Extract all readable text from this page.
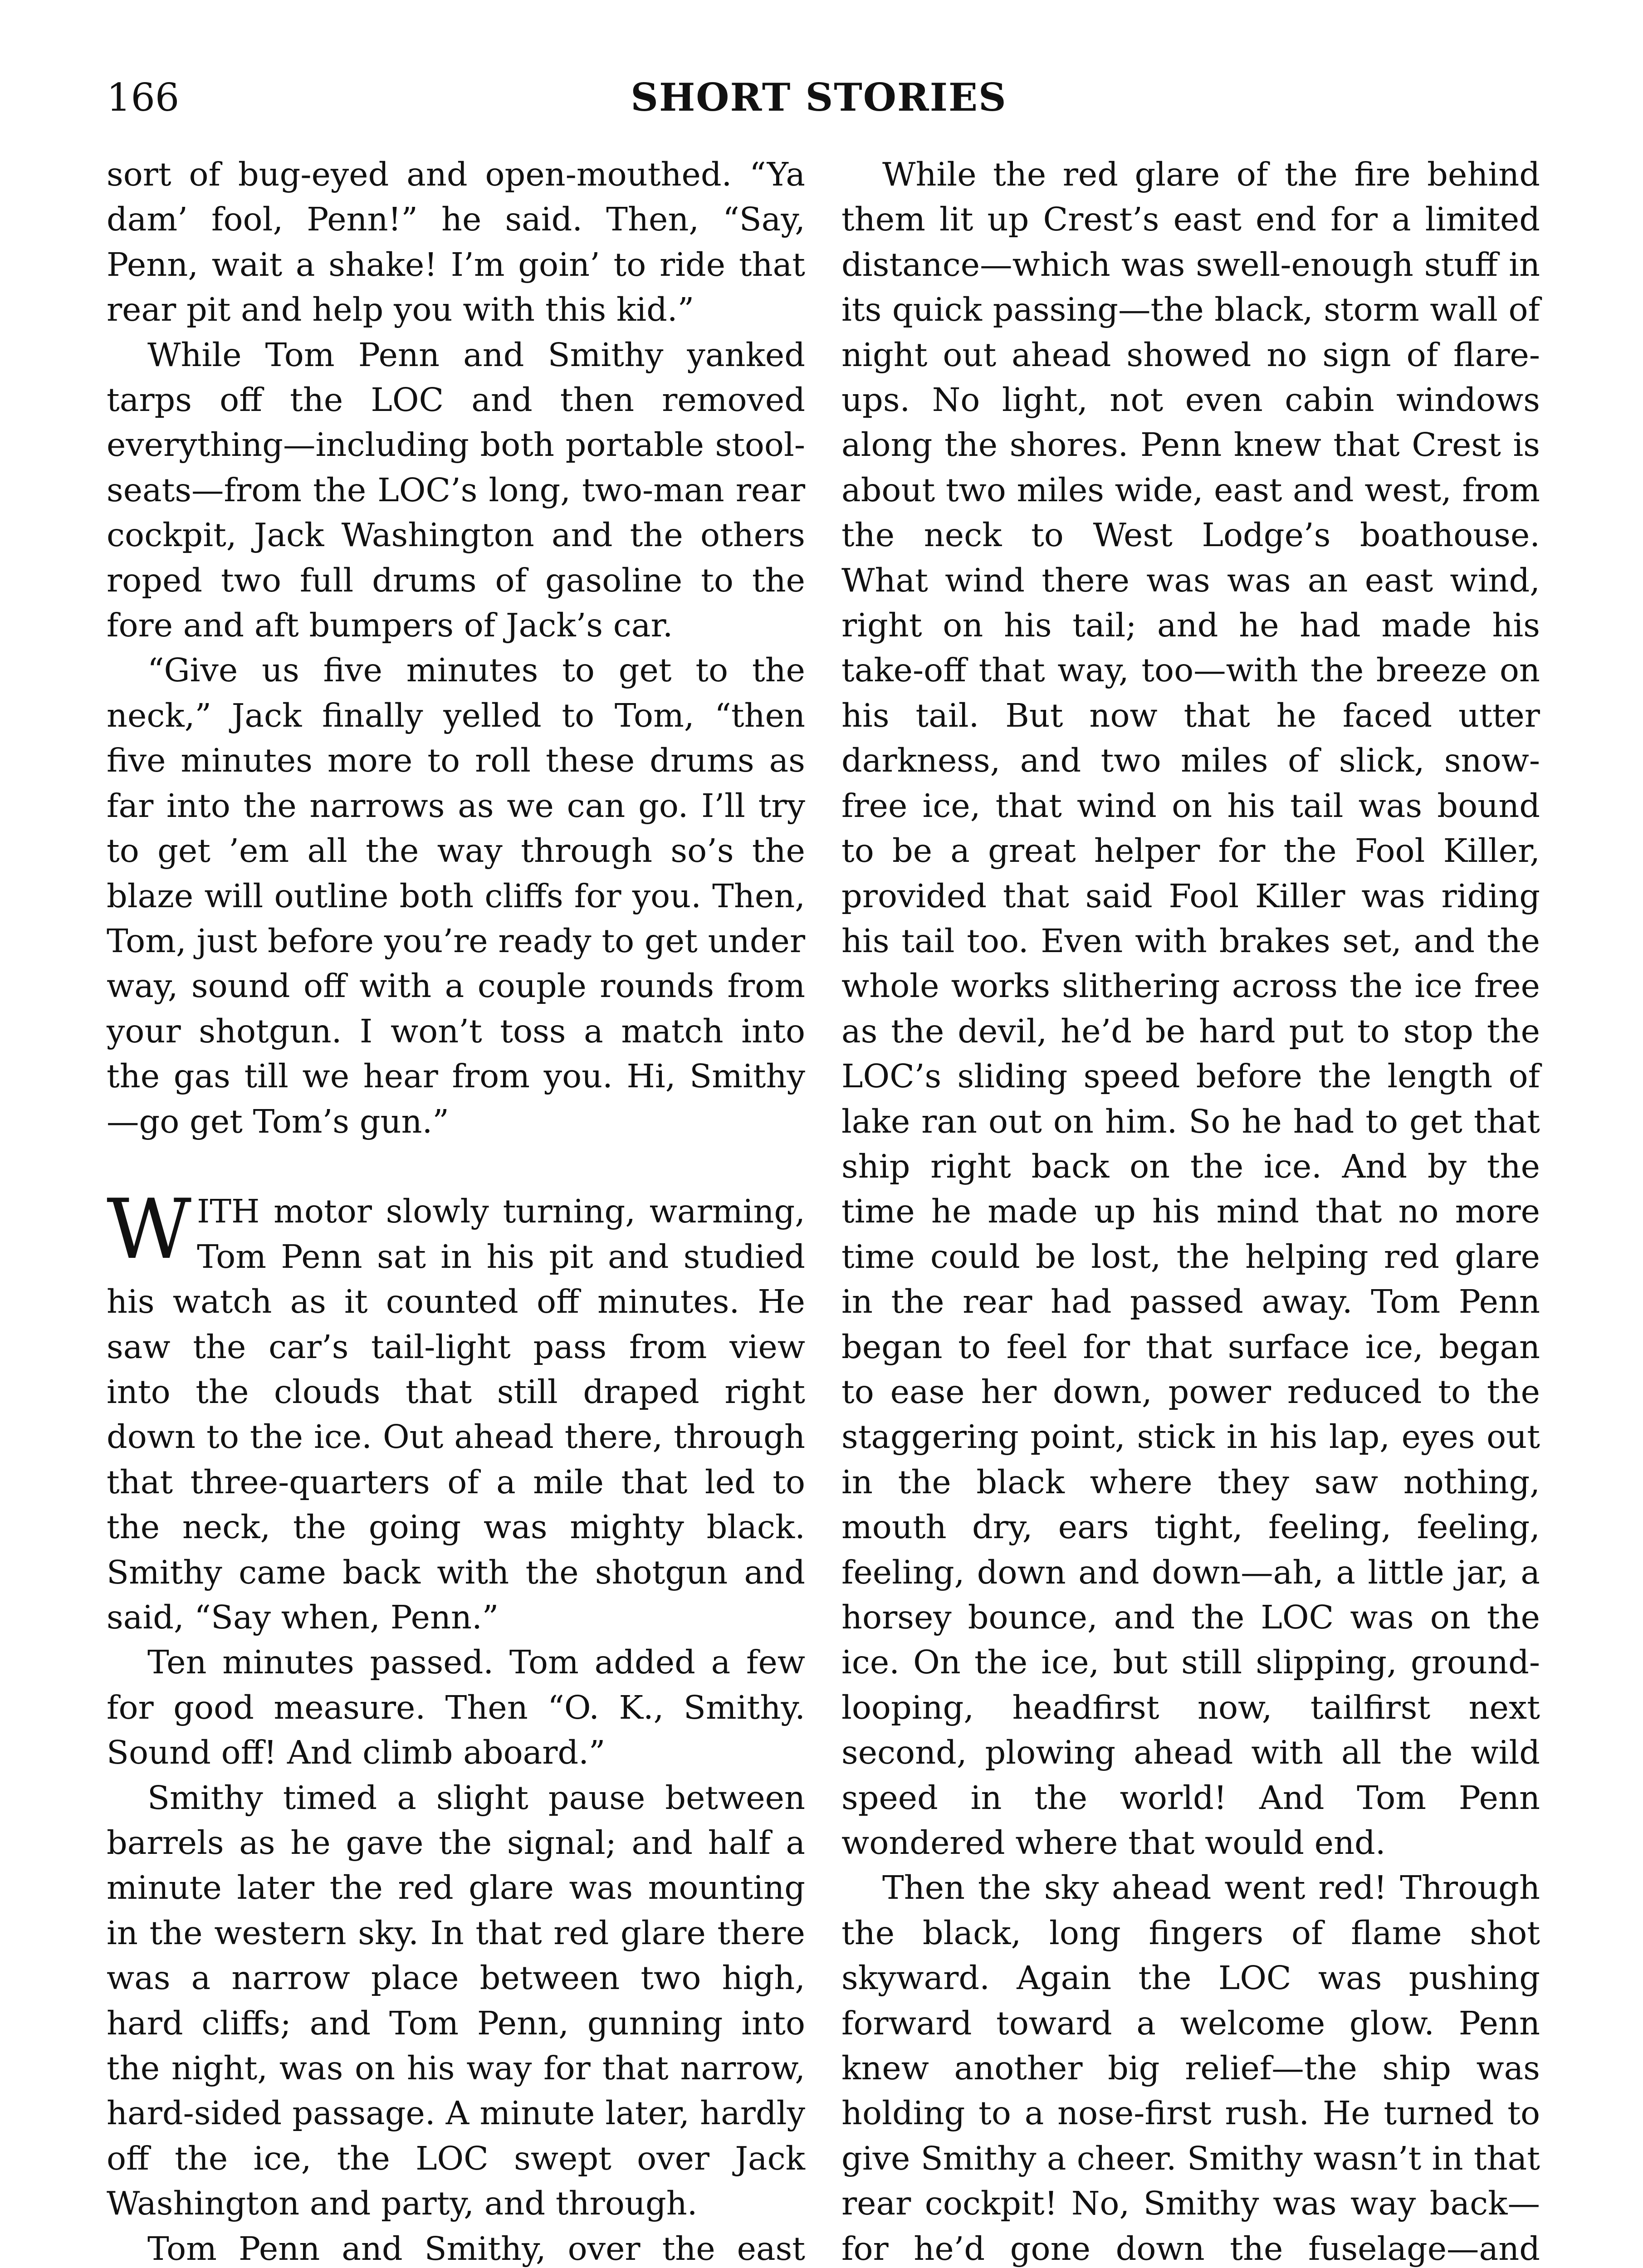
166	SHORT STORIES

sort of bug-eyed and open-mouthed. “Ya dam’ fool, Penn!” he said. Then, “Say, Penn, wait a shake! I’m goin’ to ride that rear pit and help you with this kid.”

While Tom Penn and Smithy yanked tarps off the LOC and then removed everything—including both portable stool-seats—from the LOC’s long, two-man rear cockpit, Jack Washington and the others roped two full drums of gasoline to the fore and aft bumpers of Jack’s car.

“Give us five minutes to get to the neck,” Jack finally yelled to Tom, “then five minutes more to roll these drums as far into the narrows as we can go. I’ll try to get ’em all the way through so’s the blaze will outline both cliffs for you. Then, Tom, just before you’re ready to get under way, sound off with a couple rounds from your shotgun. I won’t toss a match into the gas till we hear from you. Hi, Smithy—go get Tom’s gun.”

WITH motor slowly turning, warming, Tom Penn sat in his pit and studied his watch as it counted off minutes. He saw the car’s tail-light pass from view into the clouds that still draped right down to the ice. Out ahead there, through that three-quarters of a mile that led to the neck, the going was mighty black. Smithy came back with the shotgun and said, “Say when, Penn.”

Ten minutes passed. Tom added a few for good measure. Then “O. K., Smithy. Sound off! And climb aboard.”

Smithy timed a slight pause between barrels as he gave the signal; and half a minute later the red glare was mounting in the western sky. In that red glare there was a narrow place between two high, hard cliffs; and Tom Penn, gunning into the night, was on his way for that narrow, hard-sided passage. A minute later, hardly off the ice, the LOC swept over Jack Washington and party, and through.

Tom Penn and Smithy, over the east

While the red glare of the fire behind them lit up Crest’s east end for a limited distance—which was swell-enough stuff in its quick passing—the black, storm wall of night out ahead showed no sign of flare-ups. No light, not even cabin windows along the shores. Penn knew that Crest is about two miles wide, east and west, from the neck to West Lodge’s boathouse. What wind there was was an east wind, right on his tail; and he had made his take-off that way, too—with the breeze on his tail. But now that he faced utter darkness, and two miles of slick, snow-free ice, that wind on his tail was bound to be a great helper for the Fool Killer, provided that said Fool Killer was riding his tail too. Even with brakes set, and the whole works slithering across the ice free as the devil, he’d be hard put to stop the LOC’s sliding speed before the length of lake ran out on him. So he had to get that ship right back on the ice. And by the time he made up his mind that no more time could be lost, the helping red glare in the rear had passed away. Tom Penn began to feel for that surface ice, began to ease her down, power reduced to the staggering point, stick in his lap, eyes out in the black where they saw nothing, mouth dry, ears tight, feeling, feeling, feeling, down and down—ah, a little jar, a horsey bounce, and the LOC was on the ice. On the ice, but still slipping, ground-looping, headfirst now, tailfirst next second, plowing ahead with all the wild speed in the world! And Tom Penn wondered where that would end.

Then the sky ahead went red! Through the black, long fingers of flame shot skyward. Again the LOC was pushing forward toward a welcome glow. Penn knew another big relief—the ship was holding to a nose-first rush. He turned to give Smithy a cheer. Smithy wasn’t in that rear cockpit! No, Smithy was way back—for he’d gone down the fuselage—and
